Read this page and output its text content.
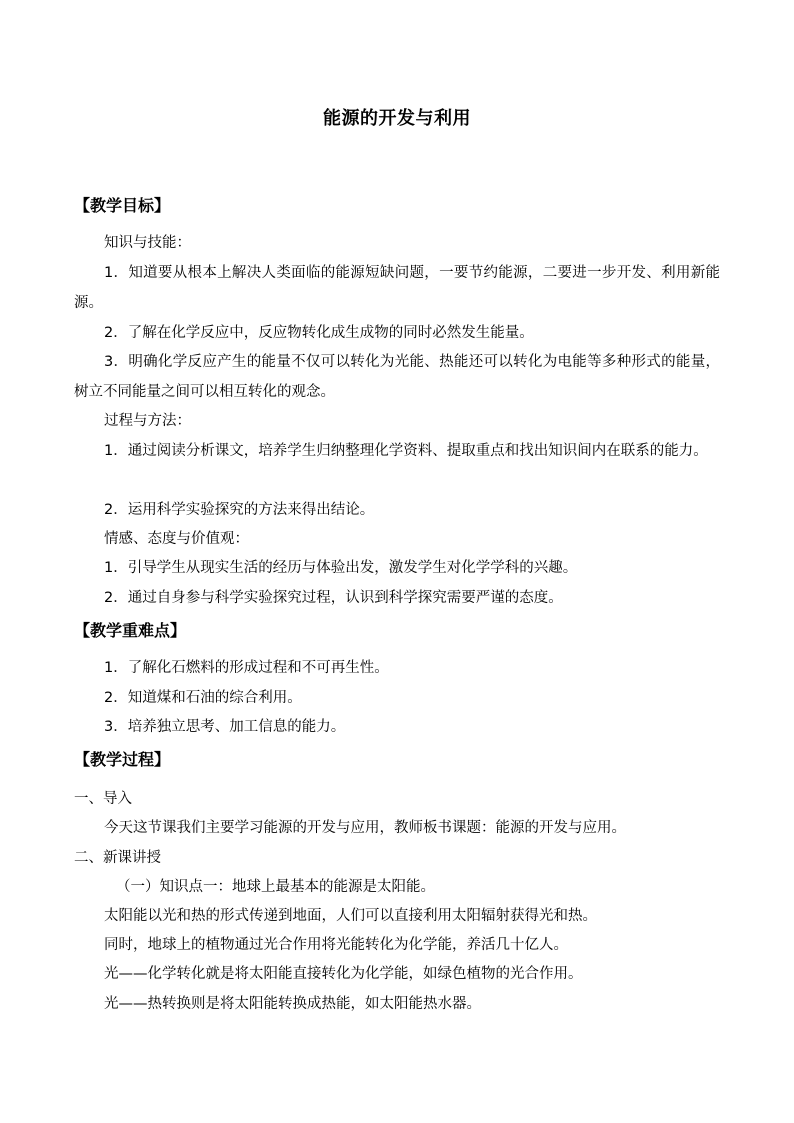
能源的开发与利用
【教学目标】
知识与技能：
1．知道要从根本上解决人类面临的能源短缺问题，一要节约能源，二要进一步开发、利用新能源。
2．了解在化学反应中，反应物转化成生成物的同时必然发生能量。
3．明确化学反应产生的能量不仅可以转化为光能、热能还可以转化为电能等多种形式的能量，树立不同能量之间可以相互转化的观念。
过程与方法：
1．通过阅读分析课文，培养学生归纳整理化学资料、提取重点和找出知识间内在联系的能力。
2．运用科学实验探究的方法来得出结论。
情感、态度与价值观：
1．引导学生从现实生活的经历与体验出发，激发学生对化学学科的兴趣。
2．通过自身参与科学实验探究过程，认识到科学探究需要严谨的态度。
【教学重难点】
1．了解化石燃料的形成过程和不可再生性。
2．知道煤和石油的综合利用。
3．培养独立思考、加工信息的能力。
【教学过程】
一、导入
今天这节课我们主要学习能源的开发与应用，教师板书课题：能源的开发与应用。
二、新课讲授
（一）知识点一：地球上最基本的能源是太阳能。
太阳能以光和热的形式传递到地面，人们可以直接利用太阳辐射获得光和热。
同时，地球上的植物通过光合作用将光能转化为化学能，养活几十亿人。
光——化学转化就是将太阳能直接转化为化学能，如绿色植物的光合作用。
光——热转换则是将太阳能转换成热能，如太阳能热水器。
